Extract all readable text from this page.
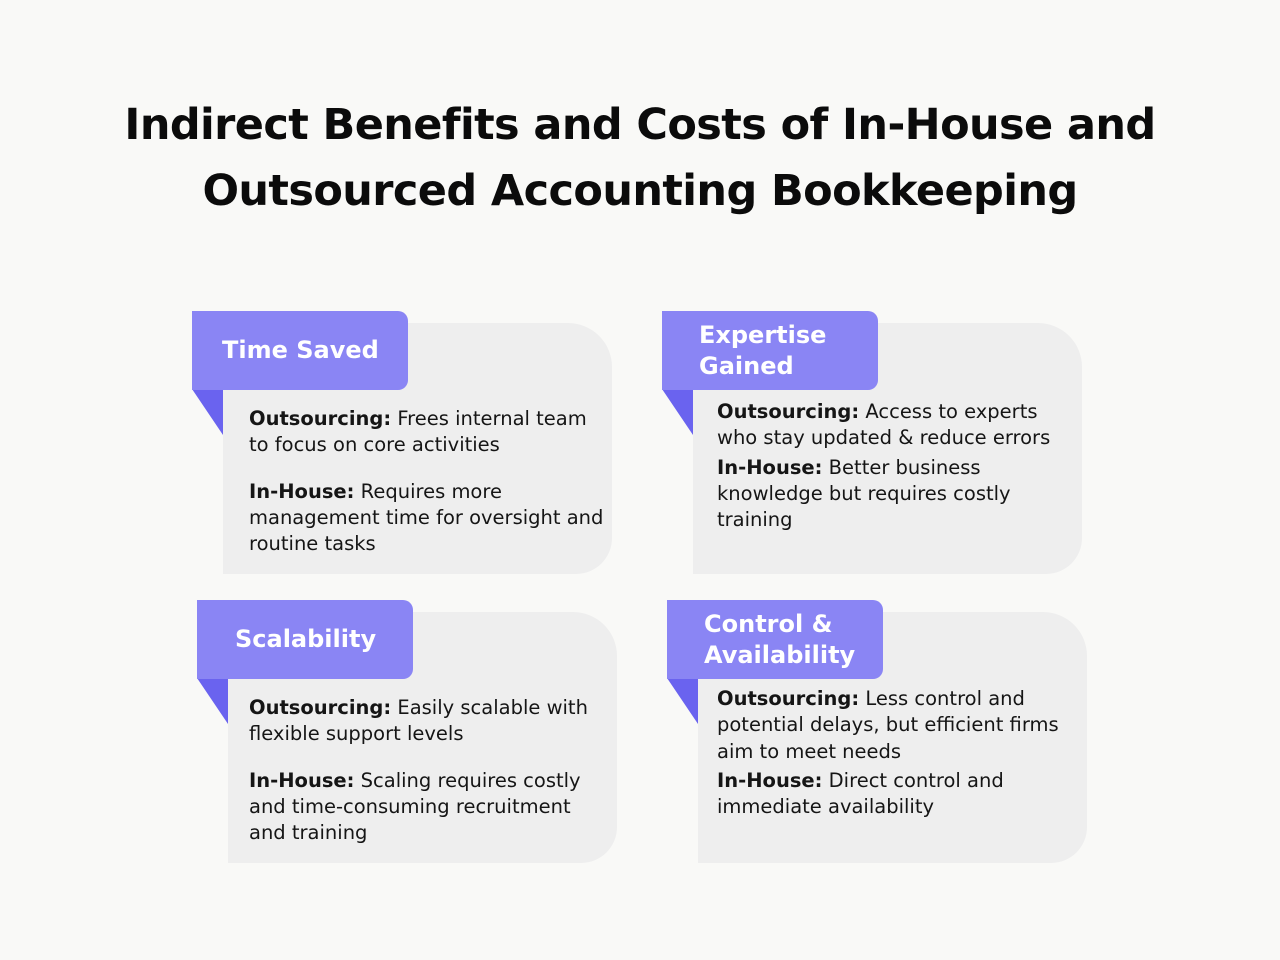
Indirect Benefits and Costs of In-House and
Outsourced Accounting Bookkeeping
Time Saved

Outsourcing: Frees internal team to focus on core activities

In-House: Requires more management time for oversight and routine tasks

Expertise Gained

Outsourcing: Access to experts who stay updated & reduce errors

In-House: Better business knowledge but requires costly training

Scalability

Outsourcing: Easily scalable with flexible support levels

In-House: Scaling requires costly and time-consuming recruitment and training

Control & Availability

Outsourcing: Less control and potential delays, but efficient firms aim to meet needs

In-House: Direct control and immediate availability
